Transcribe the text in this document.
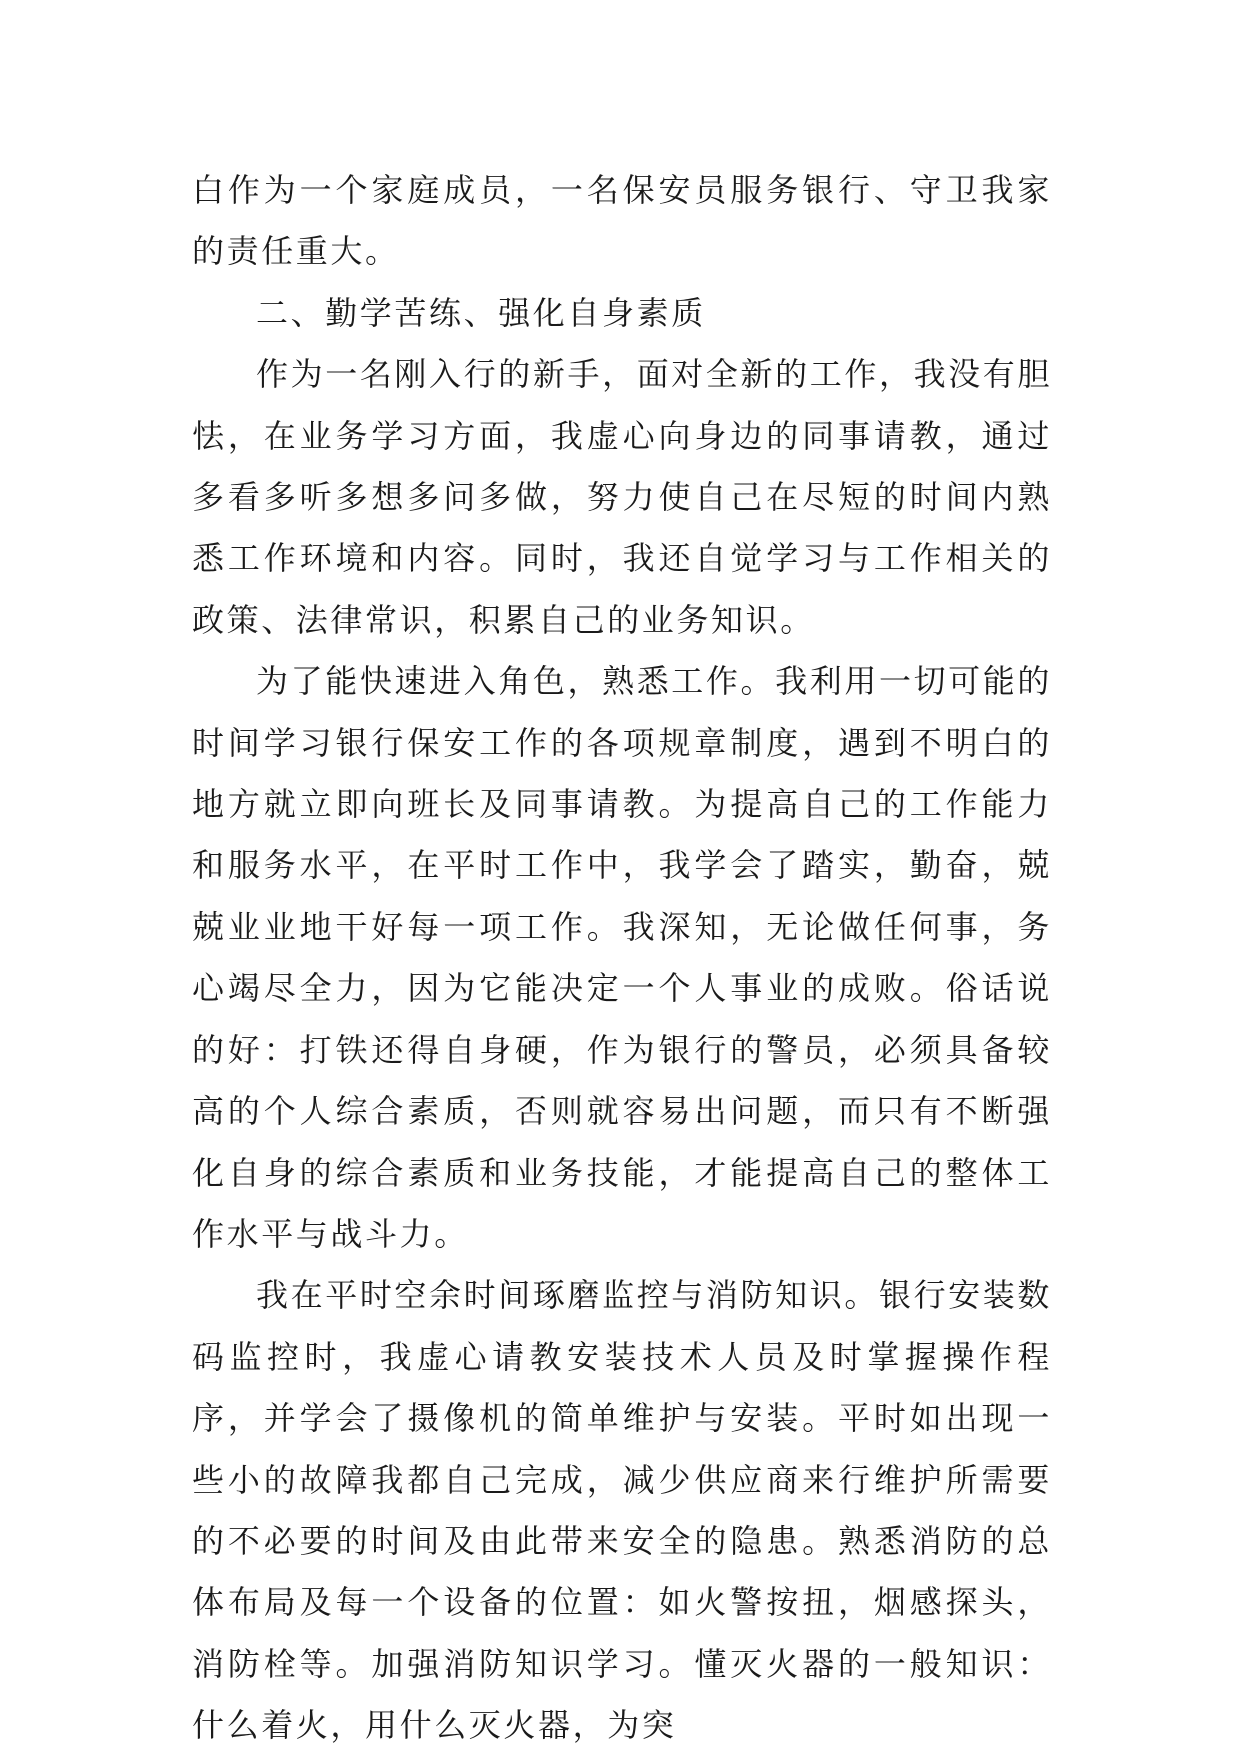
白作为一个家庭成员，一名保安员服务银行、守卫我家的责任重大。

二、勤学苦练、强化自身素质

作为一名刚入行的新手，面对全新的工作，我没有胆怯，在业务学习方面，我虚心向身边的同事请教，通过多看多听多想多问多做，努力使自己在尽短的时间内熟悉工作环境和内容。同时，我还自觉学习与工作相关的政策、法律常识，积累自己的业务知识。

为了能快速进入角色，熟悉工作。我利用一切可能的时间学习银行保安工作的各项规章制度，遇到不明白的地方就立即向班长及同事请教。为提高自己的工作能力和服务水平，在平时工作中，我学会了踏实，勤奋，兢兢业业地干好每一项工作。我深知，无论做任何事，务心竭尽全力，因为它能决定一个人事业的成败。俗话说的好：打铁还得自身硬，作为银行的警员，必须具备较高的个人综合素质，否则就容易出问题，而只有不断强化自身的综合素质和业务技能，才能提高自己的整体工作水平与战斗力。

我在平时空余时间琢磨监控与消防知识。银行安装数码监控时，我虚心请教安装技术人员及时掌握操作程序，并学会了摄像机的简单维护与安装。平时如出现一些小的故障我都自己完成，减少供应商来行维护所需要的不必要的时间及由此带来安全的隐患。熟悉消防的总体布局及每一个设备的位置：如火警按扭，烟感探头，消防栓等。加强消防知识学习。懂灭火器的一般知识：什么着火，用什么灭火器，为突
